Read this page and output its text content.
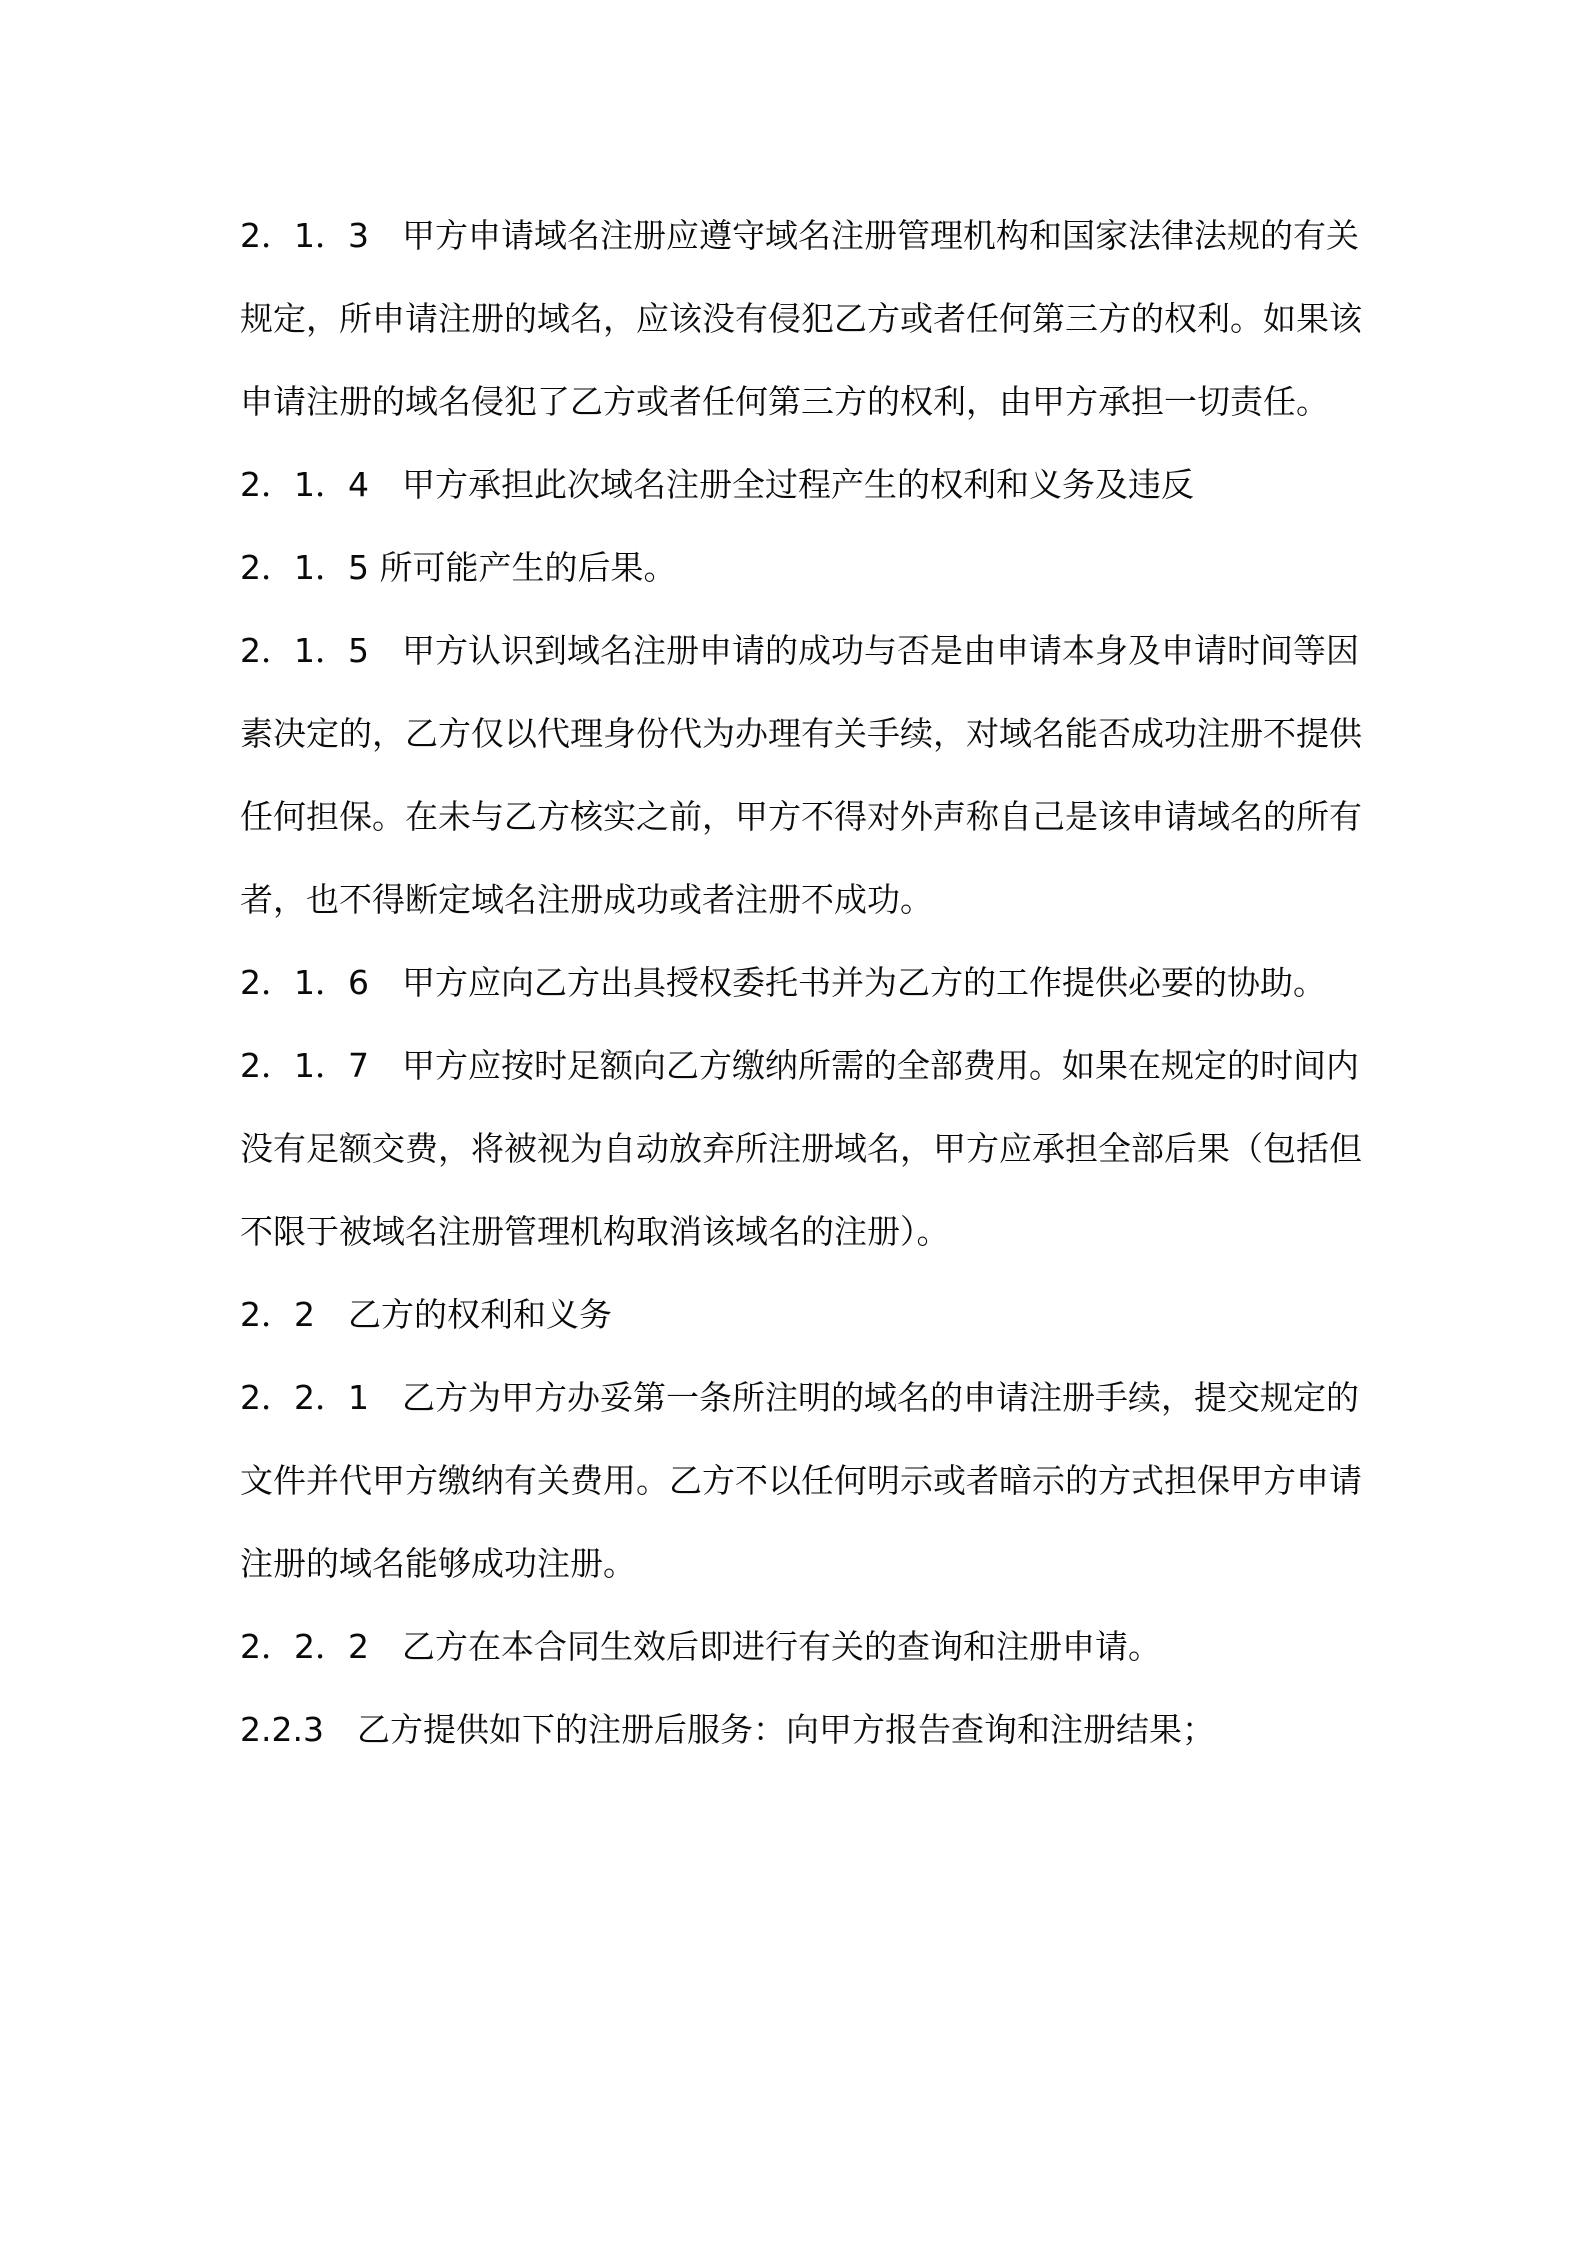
2．1．3　甲方申请域名注册应遵守域名注册管理机构和国家法律法规的有关规定，所申请注册的域名，应该没有侵犯乙方或者任何第三方的权利。如果该申请注册的域名侵犯了乙方或者任何第三方的权利，由甲方承担一切责任。

2．1．4　甲方承担此次域名注册全过程产生的权利和义务及违反

2．1．5 所可能产生的后果。

2．1．5　甲方认识到域名注册申请的成功与否是由申请本身及申请时间等因素决定的，乙方仅以代理身份代为办理有关手续，对域名能否成功注册不提供任何担保。在未与乙方核实之前，甲方不得对外声称自己是该申请域名的所有者，也不得断定域名注册成功或者注册不成功。

2．1．6　甲方应向乙方出具授权委托书并为乙方的工作提供必要的协助。

2．1．7　甲方应按时足额向乙方缴纳所需的全部费用。如果在规定的时间内没有足额交费，将被视为自动放弃所注册域名，甲方应承担全部后果（包括但不限于被域名注册管理机构取消该域名的注册）。

2．2　乙方的权利和义务

2．2．1　乙方为甲方办妥第一条所注明的域名的申请注册手续，提交规定的文件并代甲方缴纳有关费用。乙方不以任何明示或者暗示的方式担保甲方申请注册的域名能够成功注册。

2．2．2　乙方在本合同生效后即进行有关的查询和注册申请。

2.2.3　乙方提供如下的注册后服务：向甲方报告查询和注册结果；
